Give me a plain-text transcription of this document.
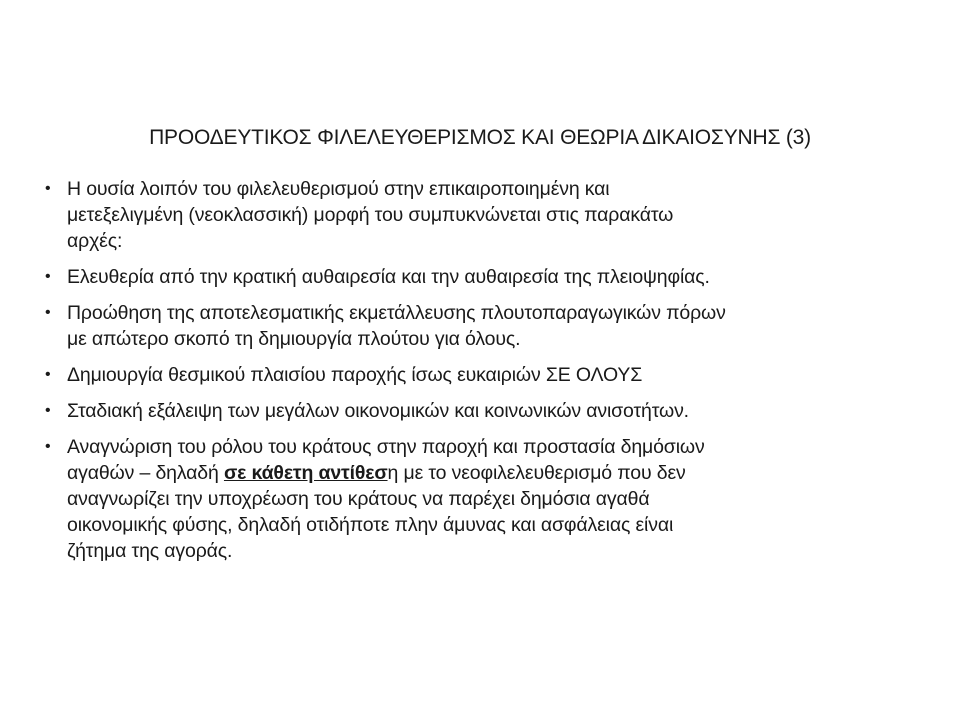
ΠΡΟΟΔΕΥΤΙΚΟΣ ΦΙΛΕΛΕΥΘΕΡΙΣΜΟΣ ΚΑΙ ΘΕΩΡΙΑ ΔΙΚΑΙΟΣΥΝΗΣ (3)
• Η ουσία λοιπόν του φιλελευθερισμού στην επικαιροποιημένη και
μετεξελιγμένη (νεοκλασσική) μορφή του συμπυκνώνεται στις παρακάτω
αρχές:
• Ελευθερία από την κρατική αυθαιρεσία και την αυθαιρεσία της πλειοψηφίας.
• Προώθηση της αποτελεσματικής εκμετάλλευσης πλουτοπαραγωγικών πόρων
με απώτερο σκοπό τη δημιουργία πλούτου για όλους.
• Δημιουργία θεσμικού πλαισίου παροχής ίσως ευκαιριών ΣΕ ΟΛΟΥΣ
• Σταδιακή εξάλειψη των μεγάλων οικονομικών και κοινωνικών ανισοτήτων.
• Αναγνώριση του ρόλου του κράτους στην παροχή και προστασία δημόσιων
αγαθών – δηλαδή σε κάθετη αντίθεση με το νεοφιλελευθερισμό που δεν
αναγνωρίζει την υποχρέωση του κράτους να παρέχει δημόσια αγαθά
οικονομικής φύσης, δηλαδή οτιδήποτε πλην άμυνας και ασφάλειας είναι
ζήτημα της αγοράς.
